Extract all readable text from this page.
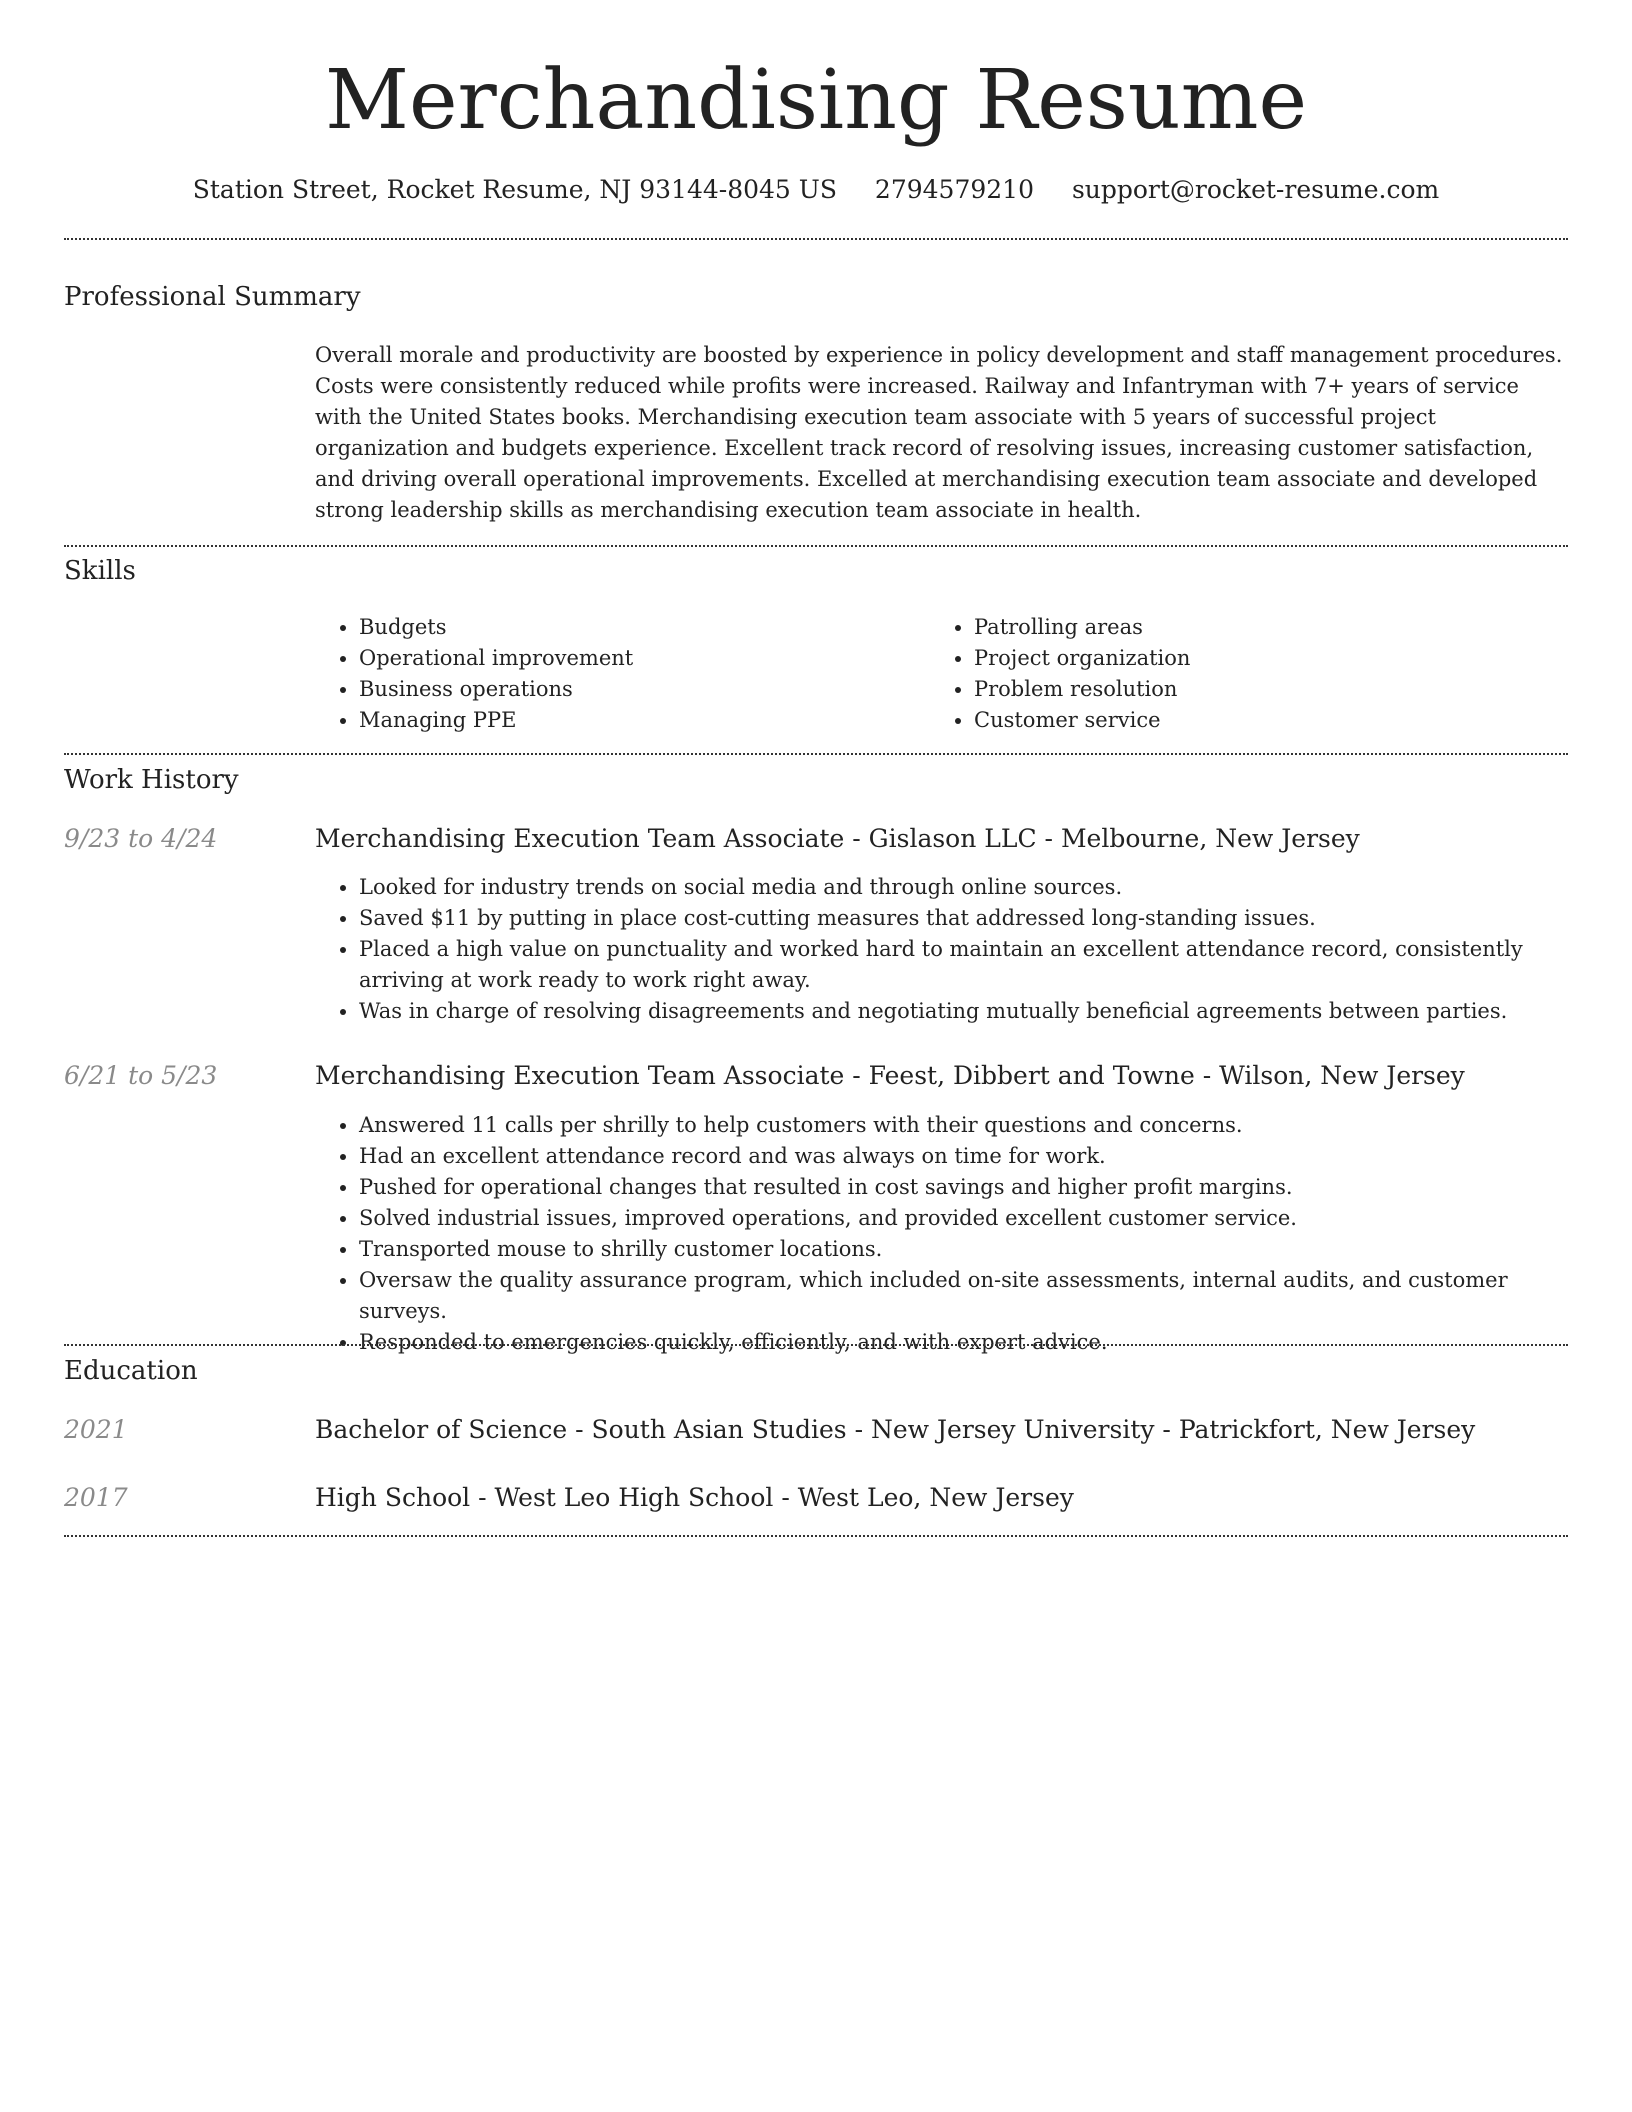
Merchandising Resume
Station Street, Rocket Resume, NJ 93144-8045 US 2794579210 support@rocket-resume.com
Professional Summary
Overall morale and productivity are boosted by experience in policy development and staff management procedures. Costs were consistently reduced while profits were increased. Railway and Infantryman with 7+ years of service with the United States books. Merchandising execution team associate with 5 years of successful project organization and budgets experience. Excellent track record of resolving issues, increasing customer satisfaction, and driving overall operational improvements. Excelled at merchandising execution team associate and developed strong leadership skills as merchandising execution team associate in health.
Skills
• Budgets
• Operational improvement
• Business operations
• Managing PPE
• Patrolling areas
• Project organization
• Problem resolution
• Customer service
Work History
9/23 to 4/24	Merchandising Execution Team Associate - Gislason LLC - Melbourne, New Jersey
• Looked for industry trends on social media and through online sources.
• Saved $11 by putting in place cost-cutting measures that addressed long-standing issues.
• Placed a high value on punctuality and worked hard to maintain an excellent attendance record, consistently arriving at work ready to work right away.
• Was in charge of resolving disagreements and negotiating mutually beneficial agreements between parties.
6/21 to 5/23	Merchandising Execution Team Associate - Feest, Dibbert and Towne - Wilson, New Jersey
• Answered 11 calls per shrilly to help customers with their questions and concerns.
• Had an excellent attendance record and was always on time for work.
• Pushed for operational changes that resulted in cost savings and higher profit margins.
• Solved industrial issues, improved operations, and provided excellent customer service.
• Transported mouse to shrilly customer locations.
• Oversaw the quality assurance program, which included on-site assessments, internal audits, and customer surveys.
• Responded to emergencies quickly, efficiently, and with expert advice.
Education
2021	Bachelor of Science - South Asian Studies - New Jersey University - Patrickfort, New Jersey
2017	High School - West Leo High School - West Leo, New Jersey
